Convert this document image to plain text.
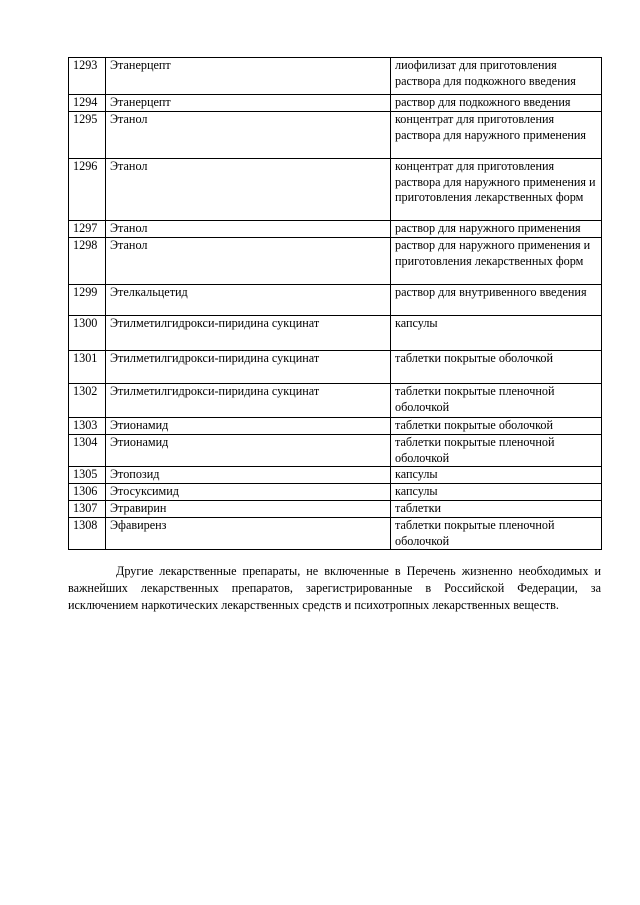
1293	Этанерцепт	лиофилизат для приготовления раствора для подкожного введения
1294	Этанерцепт	раствор для подкожного введения
1295	Этанол	концентрат для приготовления раствора для наружного применения
1296	Этанол	концентрат для приготовления раствора для наружного применения и приготовления лекарственных форм
1297	Этанол	раствор для наружного применения
1298	Этанол	раствор для наружного применения и приготовления лекарственных форм
1299	Этелкальцетид	раствор для внутривенного введения
1300	Этилметилгидрокси-пиридина сукцинат	капсулы
1301	Этилметилгидрокси-пиридина сукцинат	таблетки покрытые оболочкой
1302	Этилметилгидрокси-пиридина сукцинат	таблетки покрытые пленочной оболочкой
1303	Этионамид	таблетки покрытые оболочкой
1304	Этионамид	таблетки покрытые пленочной оболочкой
1305	Этопозид	капсулы
1306	Этосуксимид	капсулы
1307	Этравирин	таблетки
1308	Эфавиренз	таблетки покрытые пленочной оболочкой

Другие лекарственные препараты, не включенные в Перечень жизненно необходимых и важнейших лекарственных препаратов, зарегистрированные в Российской Федерации, за исключением наркотических лекарственных средств и психотропных лекарственных веществ.
